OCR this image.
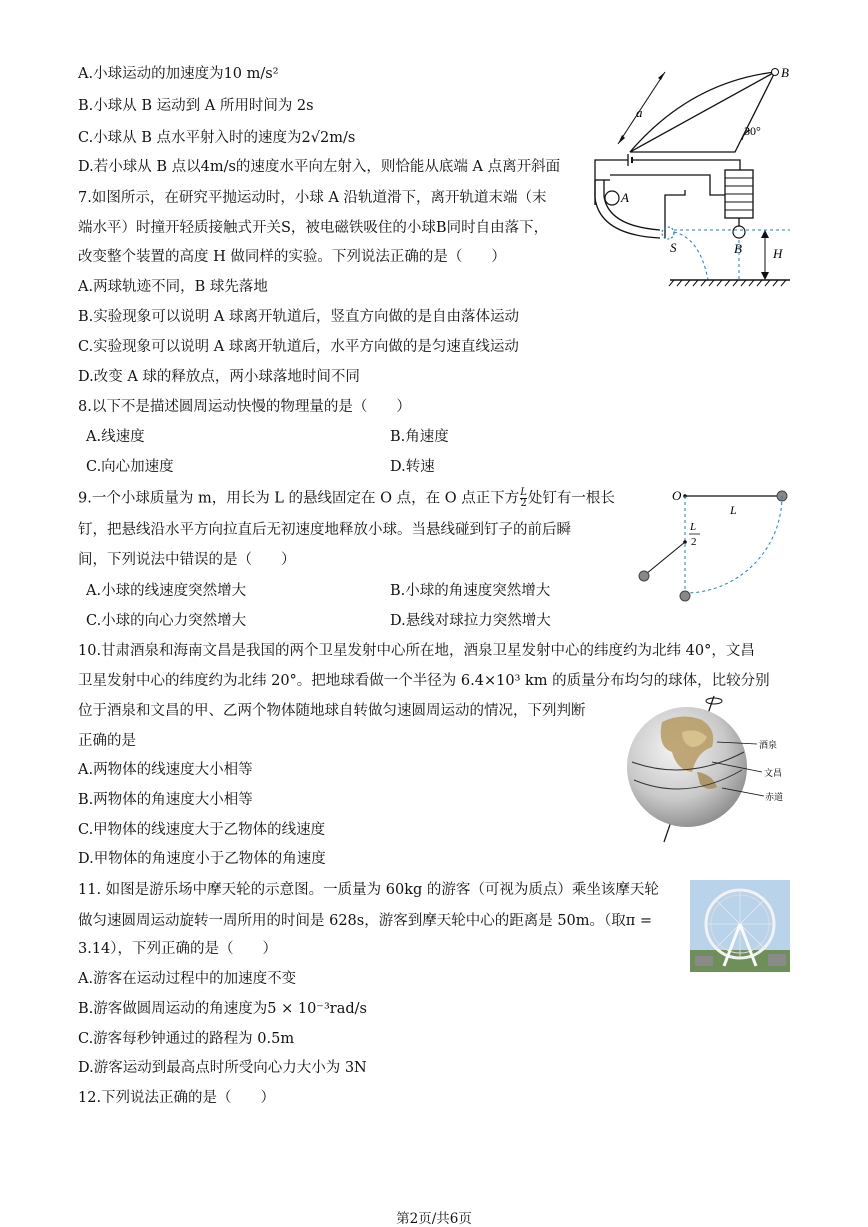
A.小球运动的加速度为10 m/s²
B.小球从 B 运动到 A 所用时间为 2s
C.小球从 B 点水平射入时的速度为2√2m/s
D.若小球从 B 点以4m/s的速度水平向左射入，则恰能从底端 A 点离开斜面
a
B
30°
7.如图所示，在研究平抛运动时，小球 A 沿轨道滑下，离开轨道末端（末
端水平）时撞开轻质接触式开关S，被电磁铁吸住的小球B同时自由落下，
改变整个装置的高度 H 做同样的实验。下列说法正确的是（　　）
A.两球轨迹不同，B 球先落地
B.实验现象可以说明 A 球离开轨道后，竖直方向做的是自由落体运动
C.实验现象可以说明 A 球离开轨道后，水平方向做的是匀速直线运动
D.改变 A 球的释放点，两小球落地时间不同
A
S	B H
8.以下不是描述圆周运动快慢的物理量的是（　　）
A.线速度	B.角速度
C.向心加速度	D.转速
9.一个小球质量为 m，用长为 L 的悬线固定在 O 点，在 O 点正下方 $\frac{L}{2}$ 处钉有一根长
钉，把悬线沿水平方向拉直后无初速度地释放小球。当悬线碰到钉子的前后瞬
间，下列说法中错误的是（　　）
A.小球的线速度突然增大	B.小球的角速度突然增大
C.小球的向心力突然增大	D.悬线对球拉力突然增大
O
L
L
2
10.甘肃酒泉和海南文昌是我国的两个卫星发射中心所在地，酒泉卫星发射中心的纬度约为北纬 40°，文昌
卫星发射中心的纬度约为北纬 20°。把地球看做一个半径为 6.4×10³ km 的质量分布均匀的球体，比较分别
位于酒泉和文昌的甲、乙两个物体随地球自转做匀速圆周运动的情况，下列判断
正确的是
A.两物体的线速度大小相等
B.两物体的角速度大小相等
C.甲物体的线速度大于乙物体的线速度
D.甲物体的角速度小于乙物体的角速度
酒泉
文昌
赤道
11. 如图是游乐场中摩天轮的示意图。一质量为 60kg 的游客（可视为质点）乘坐该摩天轮
做匀速圆周运动旋转一周所用的时间是 628s，游客到摩天轮中心的距离是 50m。（取π =
3.14），下列正确的是（　　）
A.游客在运动过程中的加速度不变
B.游客做圆周运动的角速度为5 × 10⁻³rad/s
C.游客每秒钟通过的路程为 0.5m
D.游客运动到最高点时所受向心力大小为 3N
12.下列说法正确的是（　　）
第2页/共6页
